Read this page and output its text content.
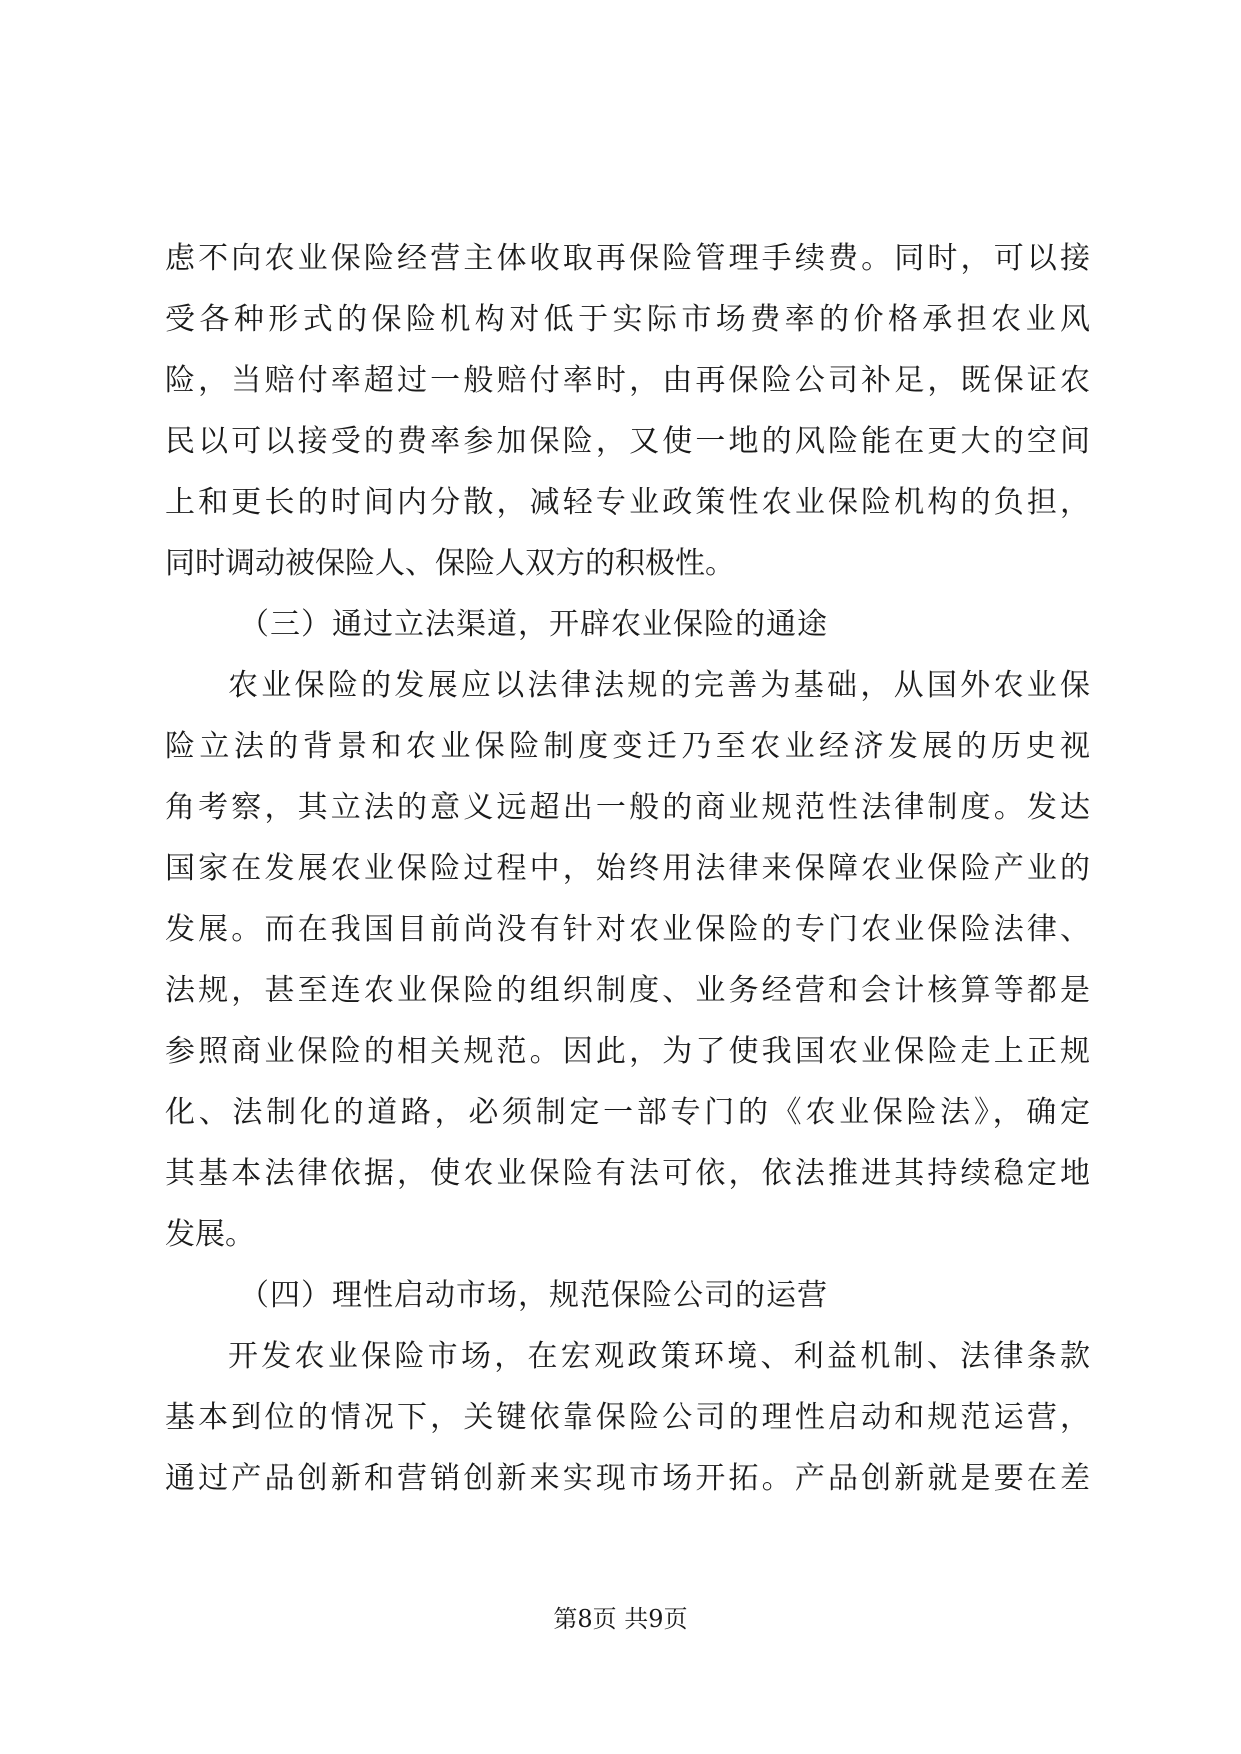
虑不向农业保险经营主体收取再保险管理手续费。同时，可以接
受各种形式的保险机构对低于实际市场费率的价格承担农业风
险，当赔付率超过一般赔付率时，由再保险公司补足，既保证农
民以可以接受的费率参加保险，又使一地的风险能在更大的空间
上和更长的时间内分散，减轻专业政策性农业保险机构的负担，
同时调动被保险人、保险人双方的积极性。
（三）通过立法渠道，开辟农业保险的通途
农业保险的发展应以法律法规的完善为基础，从国外农业保
险立法的背景和农业保险制度变迁乃至农业经济发展的历史视
角考察，其立法的意义远超出一般的商业规范性法律制度。发达
国家在发展农业保险过程中，始终用法律来保障农业保险产业的
发展。而在我国目前尚没有针对农业保险的专门农业保险法律、
法规，甚至连农业保险的组织制度、业务经营和会计核算等都是
参照商业保险的相关规范。因此，为了使我国农业保险走上正规
化、法制化的道路，必须制定一部专门的《农业保险法》，确定
其基本法律依据，使农业保险有法可依，依法推进其持续稳定地
发展。
（四）理性启动市场，规范保险公司的运营
开发农业保险市场，在宏观政策环境、利益机制、法律条款
基本到位的情况下，关键依靠保险公司的理性启动和规范运营，
通过产品创新和营销创新来实现市场开拓。产品创新就是要在差
第8页 共9页
